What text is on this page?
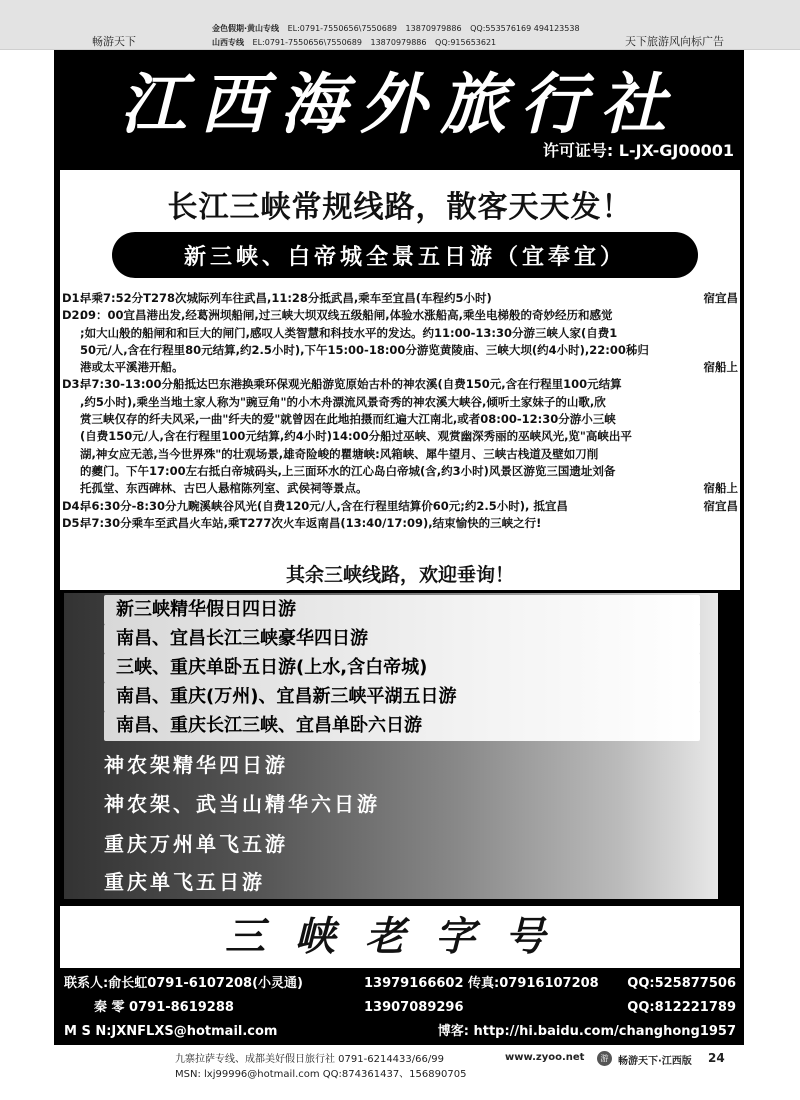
金色假期·黄山专线 EL:0791-7550656\7550689 13870979886 QQ:553576169 494123538
山西专线 EL:0791-7550656\7550689 13870979886 QQ:915653621
畅游天下	天下旅游风向标广告
江西海外旅行社
许可证号: L-JX-GJ00001
长江三峡常规线路，散客天天发！
新三峡、白帝城全景五日游（宜奉宜）
D1:
早乘7:52分T278次城际列车往武昌,11:28分抵武昌,乘车至宜昌(车程约5小时)	宿宜昌
D2:
09：00宜昌港出发,经葛洲坝船闸,过三峡大坝双线五级船闸,体验水涨船高,乘坐电梯般的奇妙经历和感觉
;如大山般的船闸和和巨大的闸门,感叹人类智慧和科技水平的发达。约11:00-13:30分游三峡人家(自费1
50元/人,含在行程里80元结算,约2.5小时),下午15:00-18:00分游览黄陵庙、三峡大坝(约4小时),22:00秭归
港或太平溪港开船。	宿船上
D3:
早7:30-13:00分船抵达巴东港换乘环保观光船游览原始古朴的神农溪(自费150元,含在行程里100元结算
,约5小时),乘坐当地土家人称为"豌豆角"的小木舟漂流风景奇秀的神农溪大峡谷,倾听土家妹子的山歌,欣
赏三峡仅存的纤夫风采,一曲"纤夫的爱"就曾因在此地拍摄而红遍大江南北,或者08:00-12:30分游小三峡
(自费150元/人,含在行程里100元结算,约4小时)14:00分船过巫峡、观赏幽深秀丽的巫峡风光,览"高峡出平
湖,神女应无恙,当今世界殊"的壮观场景,雄奇险峻的瞿塘峡:风箱峡、犀牛望月、三峡古栈道及壁如刀削
的夔门。下午17:00左右抵白帝城码头,上三面环水的江心岛白帝城(含,约3小时)风景区游览三国遗址刘备
托孤堂、东西碑林、古巴人悬棺陈列室、武侯祠等景点。	宿船上
D4:
早6:30分-8:30分九畹溪峡谷风光(自费120元/人,含在行程里结算价60元;约2.5小时), 抵宜昌	宿宜昌
D5:
早7:30分乘车至武昌火车站,乘T277次火车返南昌(13:40/17:09),结束愉快的三峡之行!
其余三峡线路，欢迎垂询！
新三峡精华假日四日游
南昌、宜昌长江三峡豪华四日游
三峡、重庆单卧五日游(上水,含白帝城)
南昌、重庆(万州)、宜昌新三峡平湖五日游
南昌、重庆长江三峡、宜昌单卧六日游
神农架精华四日游
神农架、武当山精华六日游
重庆万州单飞五游
重庆单飞五日游
三峡老字号
联系人:俞长虹0791-6107208(小灵通)	13979166602 传真:07916107208 QQ:525877506
秦 零 0791-8619288	13907089296	QQ:812221789
M S N:JXNFLXS@hotmail.com	博客: http://hi.baidu.com/changhong1957
九寨拉萨专线、成都美好假日旅行社 0791-6214433/66/99
MSN: lxj99996@hotmail.com QQ:874361437、156890705
www.zyoo.net	游 畅游天下·江西版 24
